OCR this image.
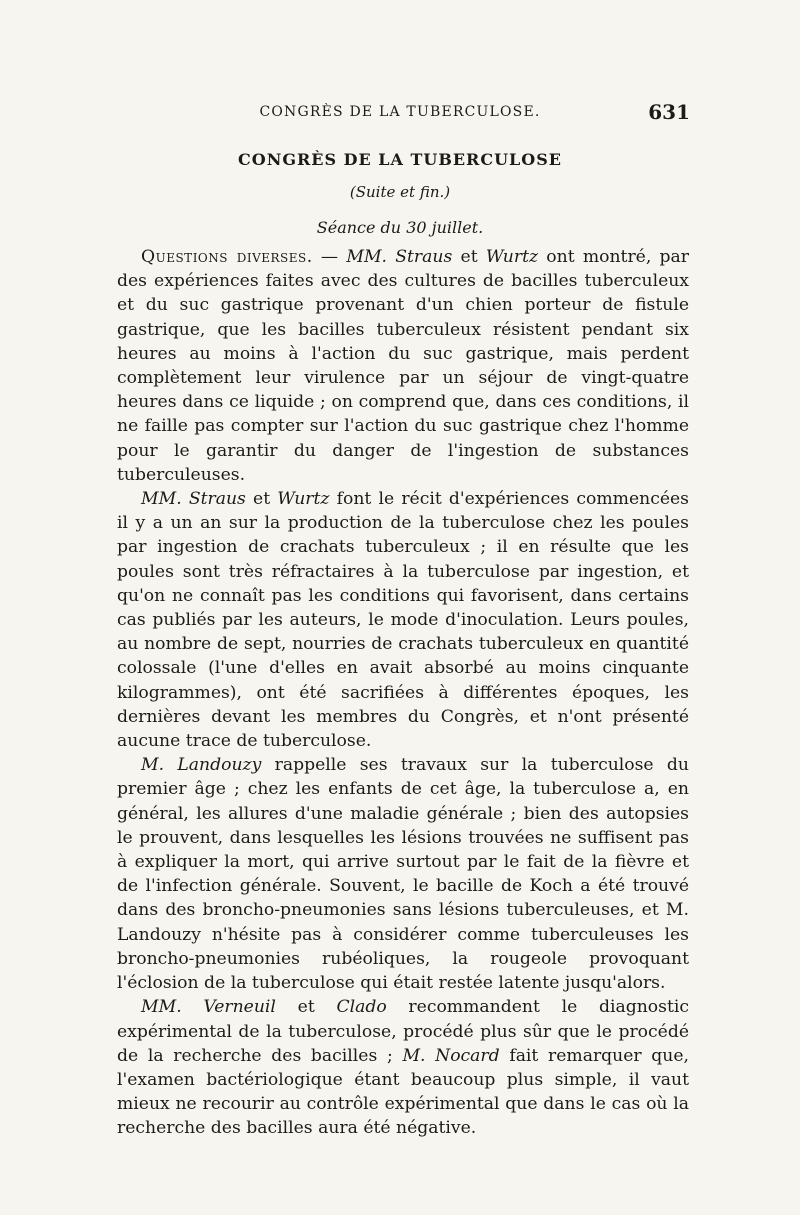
CONGRÈS DE LA TUBERCULOSE.	631
CONGRÈS DE LA TUBERCULOSE
(Suite et fin.)
Séance du 30 juillet.

Questions diverses. — MM. Straus et Wurtz ont montré, par des expériences faites avec des cultures de bacilles tuberculeux et du suc gastrique provenant d'un chien porteur de fistule gastrique, que les bacilles tuberculeux résistent pendant six heures au moins à l'action du suc gastrique, mais perdent complètement leur virulence par un séjour de vingt-quatre heures dans ce liquide ; on comprend que, dans ces conditions, il ne faille pas compter sur l'action du suc gastrique chez l'homme pour le garantir du danger de l'ingestion de substances tuberculeuses.

MM. Straus et Wurtz font le récit d'expériences commencées il y a un an sur la production de la tuberculose chez les poules par ingestion de crachats tuberculeux ; il en résulte que les poules sont très réfractaires à la tuberculose par ingestion, et qu'on ne connaît pas les conditions qui favorisent, dans certains cas publiés par les auteurs, le mode d'inoculation. Leurs poules, au nombre de sept, nourries de crachats tuberculeux en quantité colossale (l'une d'elles en avait absorbé au moins cinquante kilogrammes), ont été sacrifiées à différentes époques, les dernières devant les membres du Congrès, et n'ont présenté aucune trace de tuberculose.

M. Landouzy rappelle ses travaux sur la tuberculose du premier âge ; chez les enfants de cet âge, la tuberculose a, en général, les allures d'une maladie générale ; bien des autopsies le prouvent, dans lesquelles les lésions trouvées ne suffisent pas à expliquer la mort, qui arrive surtout par le fait de la fièvre et de l'infection générale. Souvent, le bacille de Koch a été trouvé dans des broncho-pneumonies sans lésions tuberculeuses, et M. Landouzy n'hésite pas à considérer comme tuberculeuses les broncho-pneumonies rubéoliques, la rougeole provoquant l'éclosion de la tuberculose qui était restée latente jusqu'alors.

MM. Verneuil et Clado recommandent le diagnostic expérimental de la tuberculose, procédé plus sûr que le procédé de la recherche des bacilles ; M. Nocard fait remarquer que, l'examen bactériologique étant beaucoup plus simple, il vaut mieux ne recourir au contrôle expérimental que dans le cas où la recherche des bacilles aura été négative.
